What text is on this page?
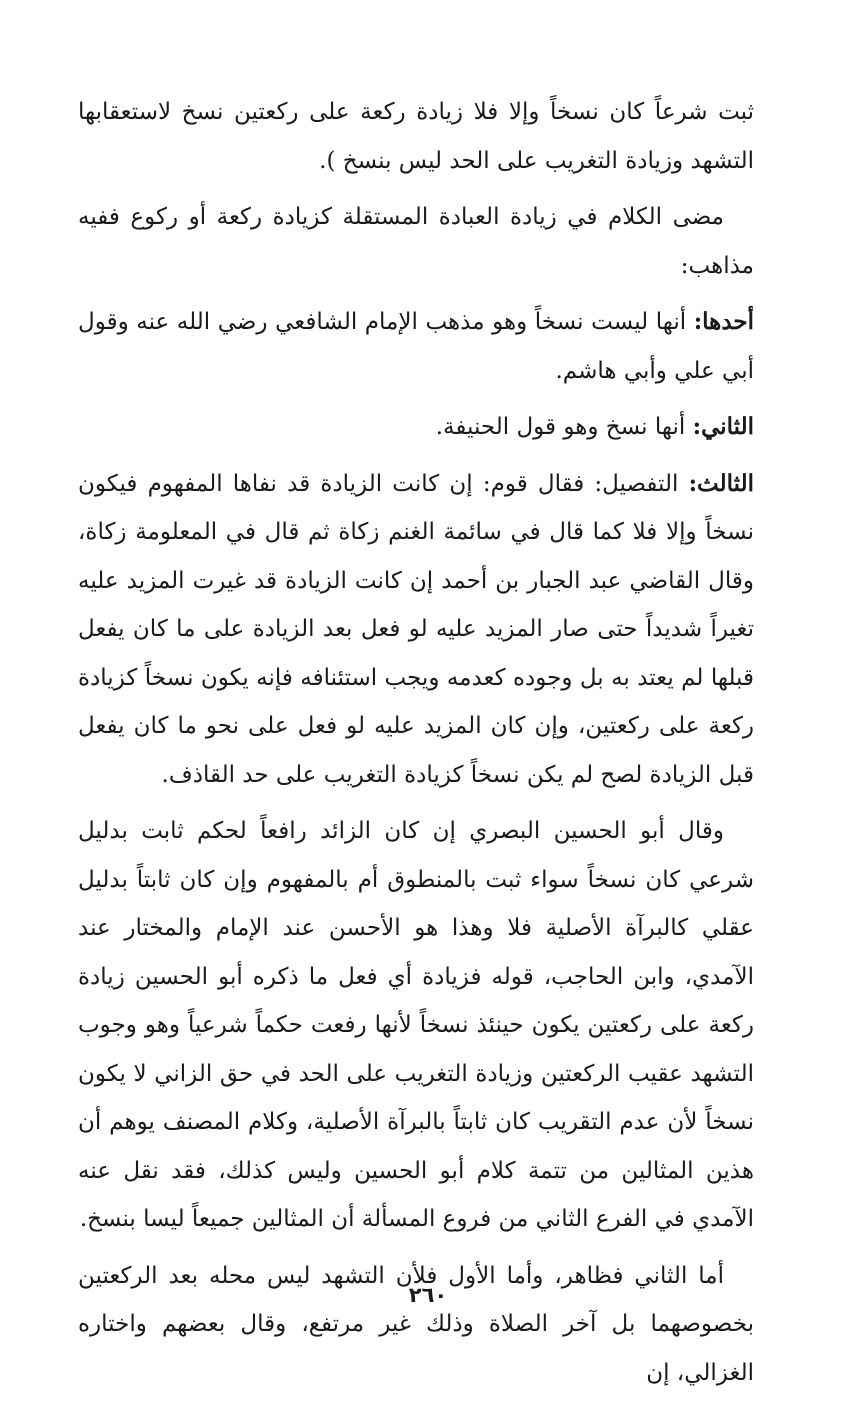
ثبت شرعاً كان نسخاً وإلا فلا زيادة ركعة على ركعتين نسخ لاستعقابها التشهد وزيادة التغريب على الحد ليس بنسخ ).

مضى الكلام في زيادة العبادة المستقلة كزيادة ركعة أو ركوع ففيه مذاهب:

أحدها: أنها ليست نسخاً وهو مذهب الإمام الشافعي رضي الله عنه وقول أبي علي وأبي هاشم.

الثاني: أنها نسخ وهو قول الحنيفة.

الثالث: التفصيل: فقال قوم: إن كانت الزيادة قد نفاها المفهوم فيكون نسخاً وإلا فلا كما قال في سائمة الغنم زكاة ثم قال في المعلومة زكاة، وقال القاضي عبد الجبار بن أحمد إن كانت الزيادة قد غيرت المزيد عليه تغيراً شديداً حتى صار المزيد عليه لو فعل بعد الزيادة على ما كان يفعل قبلها لم يعتد به بل وجوده كعدمه ويجب استئنافه فإنه يكون نسخاً كزيادة ركعة على ركعتين، وإن كان المزيد عليه لو فعل على نحو ما كان يفعل قبل الزيادة لصح لم يكن نسخاً كزيادة التغريب على حد القاذف.

وقال أبو الحسين البصري إن كان الزائد رافعاً لحكم ثابت بدليل شرعي كان نسخاً سواء ثبت بالمنطوق أم بالمفهوم وإن كان ثابتاً بدليل عقلي كالبرآة الأصلية فلا وهذا هو الأحسن عند الإمام والمختار عند الآمدي، وابن الحاجب، قوله فزيادة أي فعل ما ذكره أبو الحسين زيادة ركعة على ركعتين يكون حينئذ نسخاً لأنها رفعت حكماً شرعياً وهو وجوب التشهد عقيب الركعتين وزيادة التغريب على الحد في حق الزاني لا يكون نسخاً لأن عدم التقريب كان ثابتاً بالبرآة الأصلية، وكلام المصنف يوهم أن هذين المثالين من تتمة كلام أبو الحسين وليس كذلك، فقد نقل عنه الآمدي في الفرع الثاني من فروع المسألة أن المثالين جميعاً ليسا بنسخ.

أما الثاني فظاهر، وأما الأول فلأن التشهد ليس محله بعد الركعتين بخصوصهما بل آخر الصلاة وذلك غير مرتفع، وقال بعضهم واختاره الغزالي، إن

٢٦٠
